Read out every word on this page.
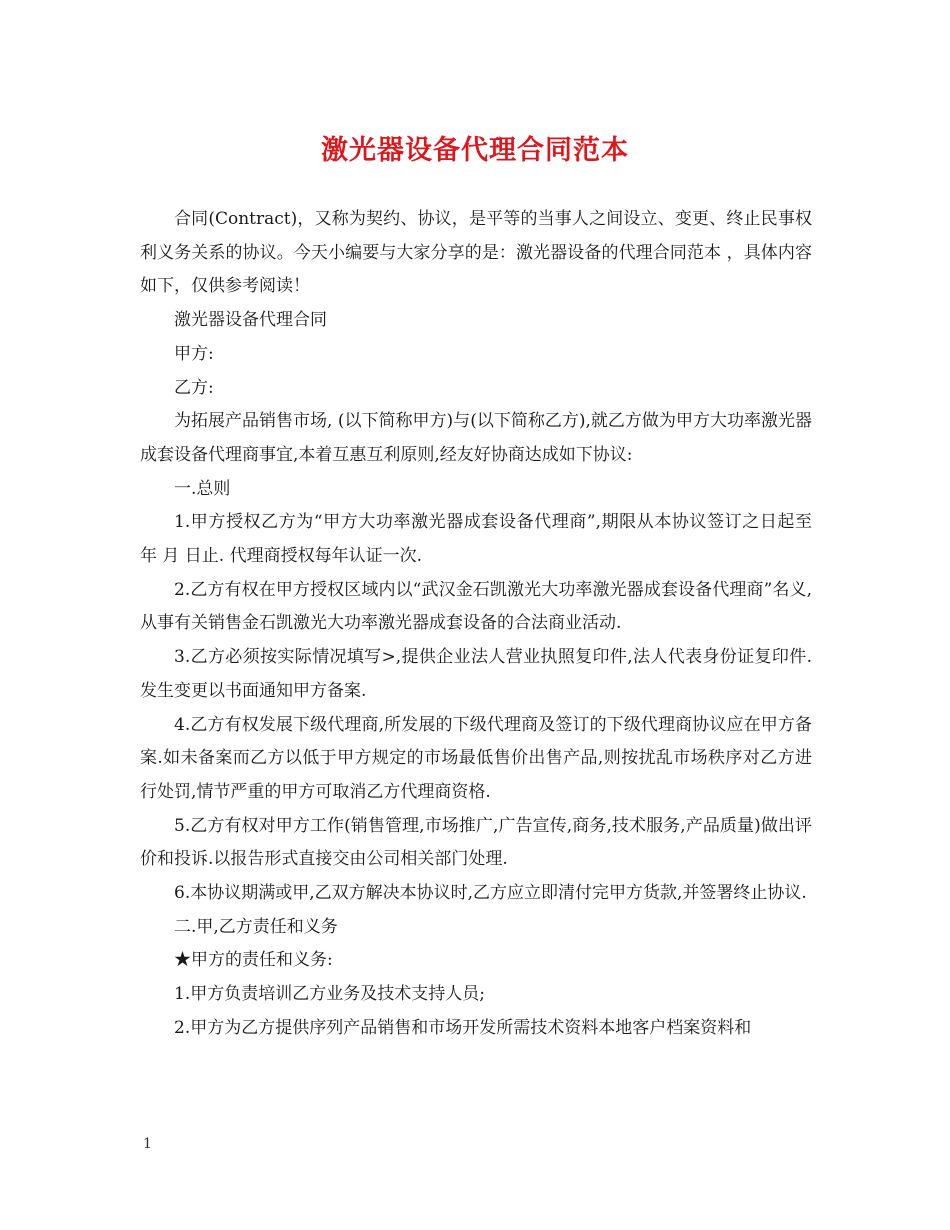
激光器设备代理合同范本

合同(Contract)，又称为契约、协议，是平等的当事人之间设立、变更、终止民事权利义务关系的协议。今天小编要与大家分享的是：激光器设备的代理合同范本 ，具体内容如下，仅供参考阅读！

激光器设备代理合同

甲方:

乙方:

为拓展产品销售市场, (以下简称甲方)与(以下简称乙方),就乙方做为甲方大功率激光器成套设备代理商事宜,本着互惠互利原则,经友好协商达成如下协议:

一.总则

1.甲方授权乙方为“甲方大功率激光器成套设备代理商”,期限从本协议签订之日起至 年 月 日止. 代理商授权每年认证一次.

2.乙方有权在甲方授权区域内以“武汉金石凯激光大功率激光器成套设备代理商”名义,从事有关销售金石凯激光大功率激光器成套设备的合法商业活动.

3.乙方必须按实际情况填写>,提供企业法人营业执照复印件,法人代表身份证复印件.发生变更以书面通知甲方备案.

4.乙方有权发展下级代理商,所发展的下级代理商及签订的下级代理商协议应在甲方备案.如未备案而乙方以低于甲方规定的市场最低售价出售产品,则按扰乱市场秩序对乙方进行处罚,情节严重的甲方可取消乙方代理商资格.

5.乙方有权对甲方工作(销售管理,市场推广,广告宣传,商务,技术服务,产品质量)做出评价和投诉.以报告形式直接交由公司相关部门处理.

6.本协议期满或甲,乙双方解决本协议时,乙方应立即清付完甲方货款,并签署终止协议.

二.甲,乙方责任和义务

★甲方的责任和义务:

1.甲方负责培训乙方业务及技术支持人员;

2.甲方为乙方提供序列产品销售和市场开发所需技术资料本地客户档案资料和

1
